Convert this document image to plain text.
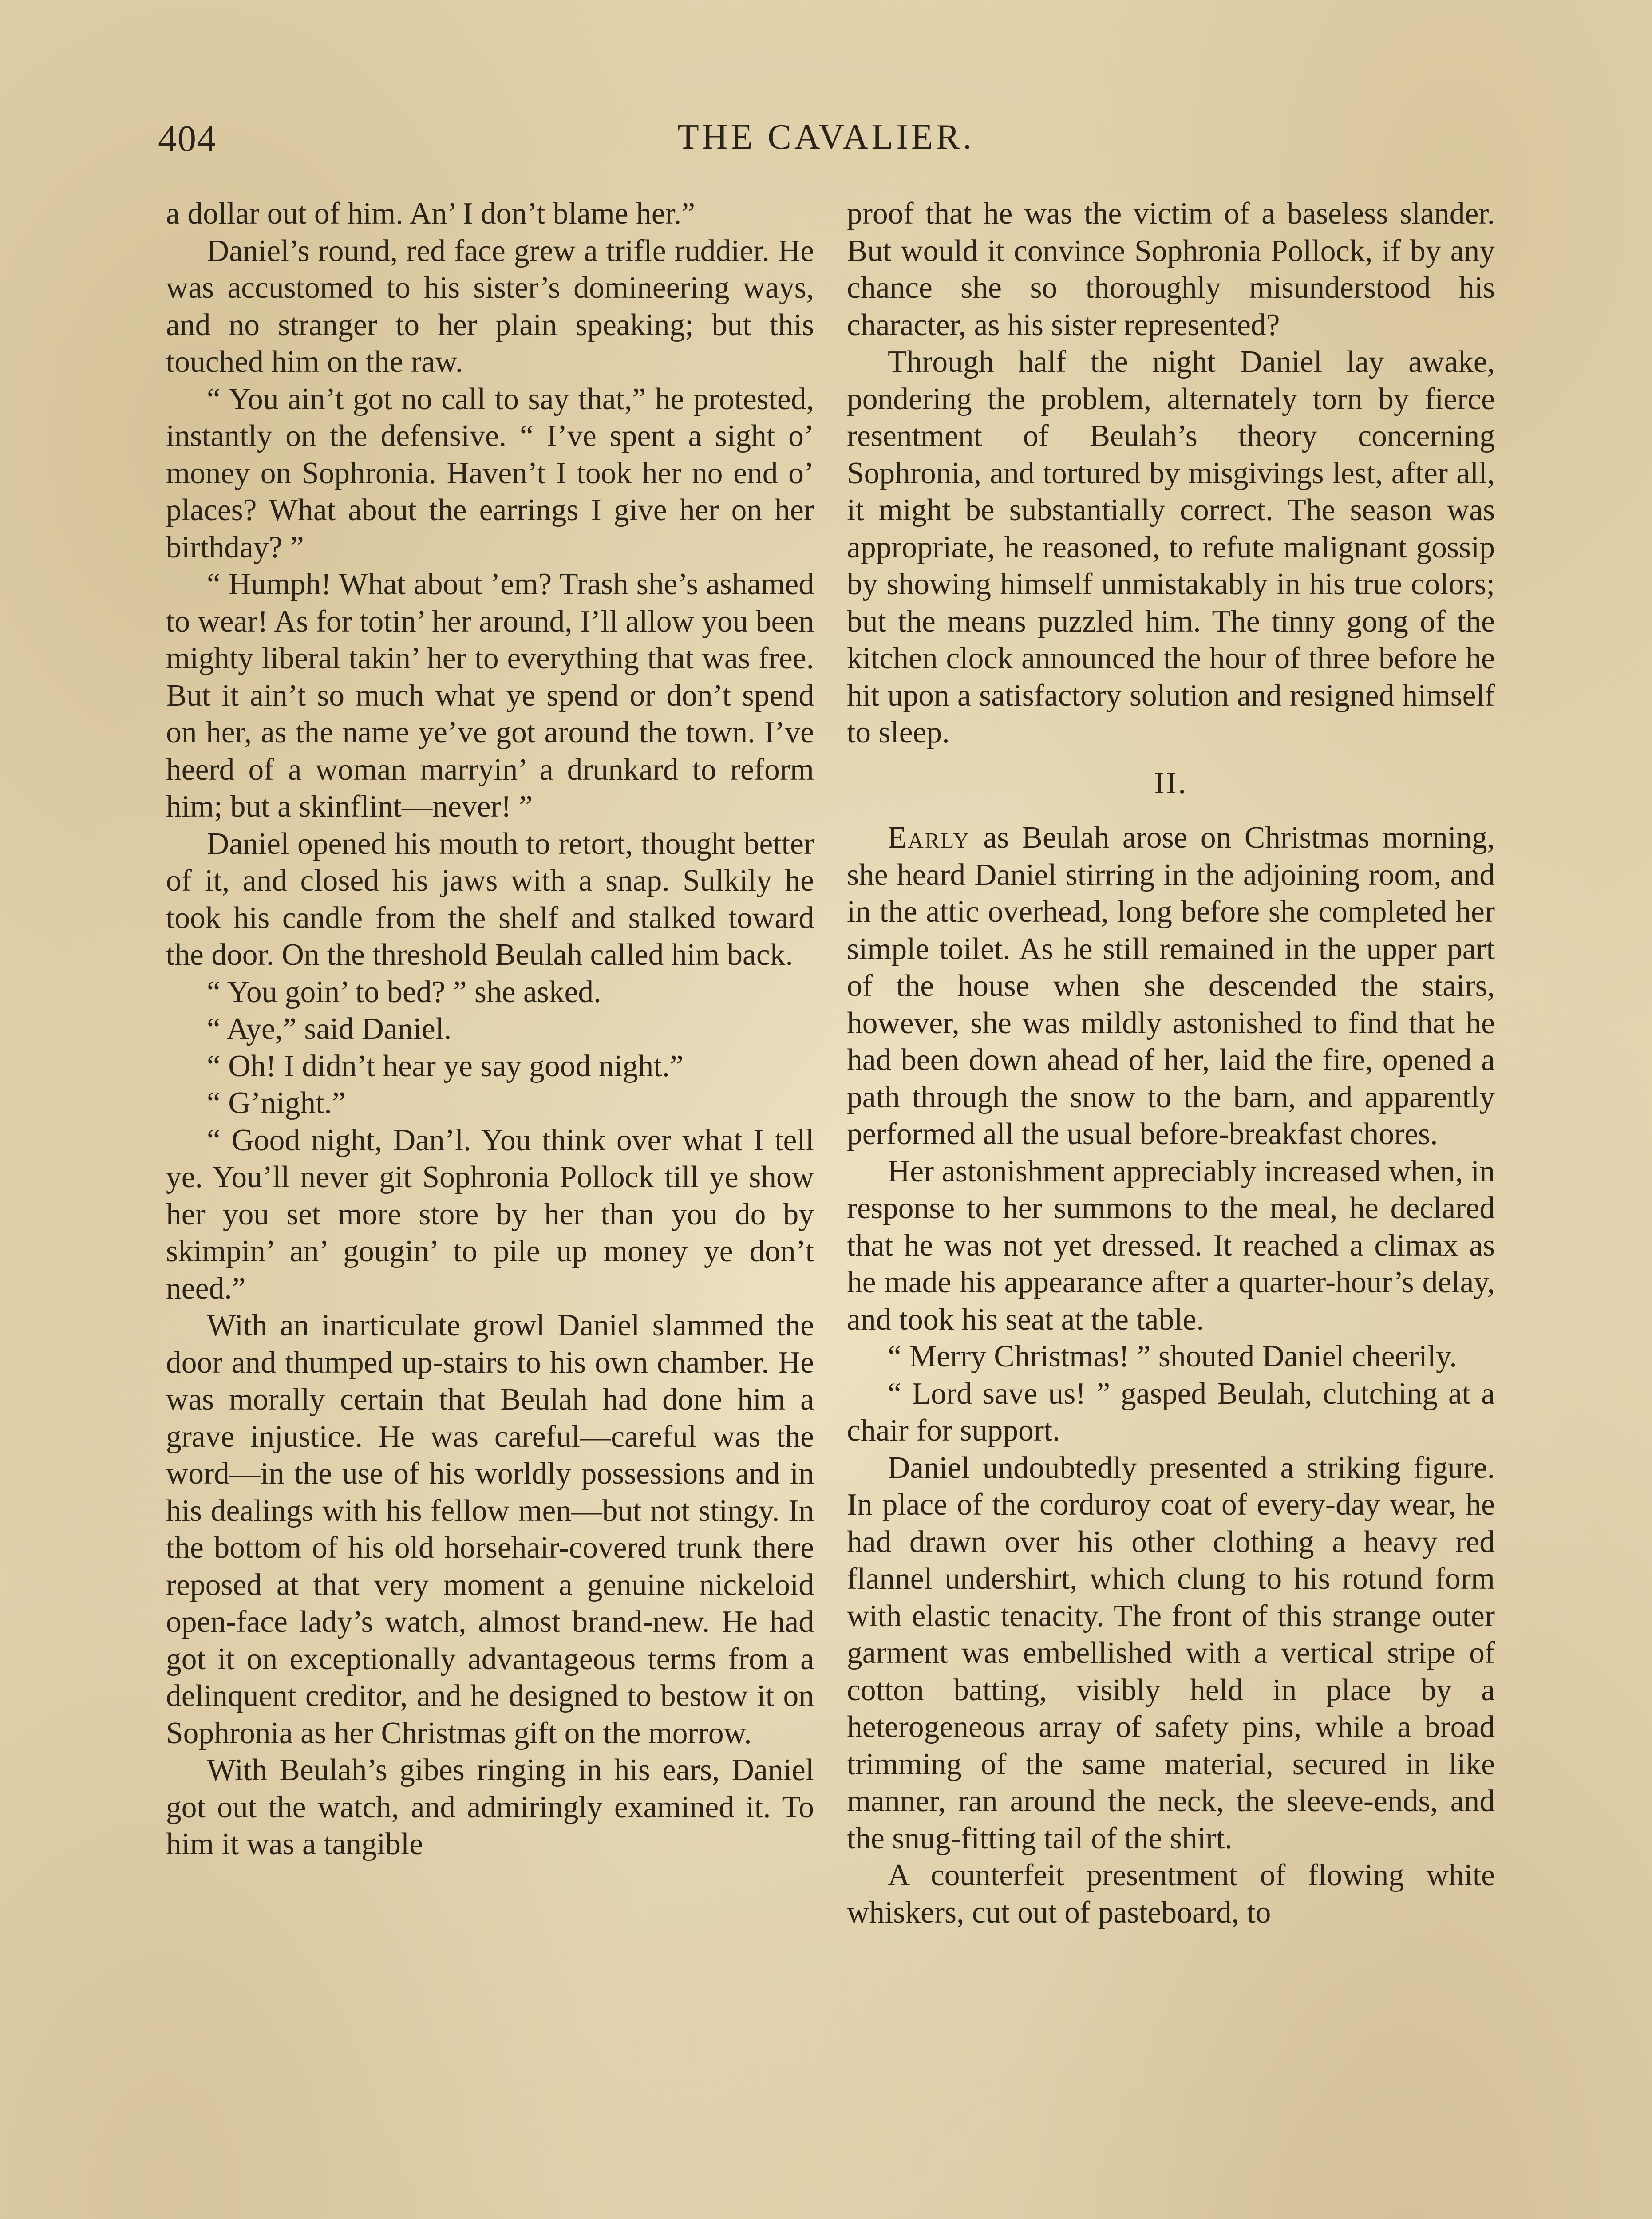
404	THE CAVALIER.

a dollar out of him. An’ I don’t blame her.”

Daniel’s round, red face grew a trifle ruddier. He was accustomed to his sister’s domineering ways, and no stranger to her plain speaking; but this touched him on the raw.

“ You ain’t got no call to say that,” he protested, instantly on the defensive. “ I’ve spent a sight o’ money on Sophronia. Haven’t I took her no end o’ places? What about the earrings I give her on her birthday? ”

“ Humph! What about ’em? Trash she’s ashamed to wear! As for totin’ her around, I’ll allow you been mighty liberal takin’ her to everything that was free. But it ain’t so much what ye spend or don’t spend on her, as the name ye’ve got around the town. I’ve heerd of a woman marryin’ a drunkard to reform him; but a skinflint—never! ”

Daniel opened his mouth to retort, thought better of it, and closed his jaws with a snap. Sulkily he took his candle from the shelf and stalked toward the door. On the threshold Beulah called him back.

“ You goin’ to bed? ” she asked.

“ Aye,” said Daniel.

“ Oh! I didn’t hear ye say good night.”

“ G’night.”

“ Good night, Dan’l. You think over what I tell ye. You’ll never git Sophronia Pollock till ye show her you set more store by her than you do by skimpin’ an’ gougin’ to pile up money ye don’t need.”

With an inarticulate growl Daniel slammed the door and thumped up-stairs to his own chamber. He was morally certain that Beulah had done him a grave injustice. He was careful—careful was the word—in the use of his worldly possessions and in his dealings with his fellow men—but not stingy. In the bottom of his old horsehair-covered trunk there reposed at that very moment a genuine nickeloid open-face lady’s watch, almost brand-new. He had got it on exceptionally advantageous terms from a delinquent creditor, and he designed to bestow it on Sophronia as her Christmas gift on the morrow.

With Beulah’s gibes ringing in his ears, Daniel got out the watch, and admiringly examined it. To him it was a tangible

proof that he was the victim of a baseless slander. But would it convince Sophronia Pollock, if by any chance she so thoroughly misunderstood his character, as his sister represented?

Through half the night Daniel lay awake, pondering the problem, alternately torn by fierce resentment of Beulah’s theory concerning Sophronia, and tortured by misgivings lest, after all, it might be substantially correct. The season was appropriate, he reasoned, to refute malignant gossip by showing himself unmistakably in his true colors; but the means puzzled him. The tinny gong of the kitchen clock announced the hour of three before he hit upon a satisfactory solution and resigned himself to sleep.

II.

Early as Beulah arose on Christmas morning, she heard Daniel stirring in the adjoining room, and in the attic overhead, long before she completed her simple toilet. As he still remained in the upper part of the house when she descended the stairs, however, she was mildly astonished to find that he had been down ahead of her, laid the fire, opened a path through the snow to the barn, and apparently performed all the usual before-breakfast chores.

Her astonishment appreciably increased when, in response to her summons to the meal, he declared that he was not yet dressed. It reached a climax as he made his appearance after a quarter-hour’s delay, and took his seat at the table.

“ Merry Christmas! ” shouted Daniel cheerily.

“ Lord save us! ” gasped Beulah, clutching at a chair for support.

Daniel undoubtedly presented a striking figure. In place of the corduroy coat of every-day wear, he had drawn over his other clothing a heavy red flannel undershirt, which clung to his rotund form with elastic tenacity. The front of this strange outer garment was embellished with a vertical stripe of cotton batting, visibly held in place by a heterogeneous array of safety pins, while a broad trimming of the same material, secured in like manner, ran around the neck, the sleeve-ends, and the snug-fitting tail of the shirt.

A counterfeit presentment of flowing white whiskers, cut out of pasteboard, to
